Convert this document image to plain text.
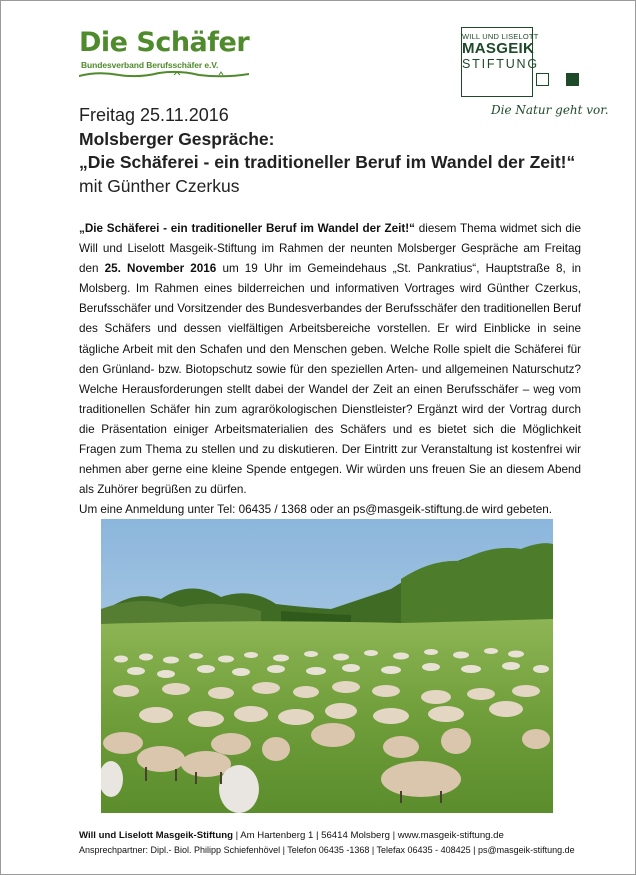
Die Schäfer
Bundesverband Berufsschäfer e.V.
WILL UND LISELOTT
MASGEIK
STIFTUNG
Die Natur geht vor.
Freitag 25.11.2016
Molsberger Gespräche:
„Die Schäferei - ein traditioneller Beruf im Wandel der Zeit!“
mit Günther Czerkus

„Die Schäferei - ein traditioneller Beruf im Wandel der Zeit!“ diesem Thema widmet sich die Will und Liselott Masgeik-Stiftung im Rahmen der neunten Molsberger Gespräche am Freitag den 25. November 2016 um 19 Uhr im Gemeindehaus „St. Pankratius“, Hauptstraße 8, in Molsberg. Im Rahmen eines bilderreichen und informativen Vortrages wird Günther Czerkus, Berufsschäfer und Vorsitzender des Bundesverbandes der Berufsschäfer den traditionellen Beruf des Schäfers und dessen vielfältigen Arbeitsbereiche vorstellen. Er wird Einblicke in seine tägliche Arbeit mit den Schafen und den Menschen geben. Welche Rolle spielt die Schäferei für den Grünland- bzw. Biotopschutz sowie für den speziellen Arten- und allgemeinen Naturschutz? Welche Herausforderungen stellt dabei der Wandel der Zeit an einen Berufsschäfer – weg vom traditionellen Schäfer hin zum agrarökologischen Dienstleister? Ergänzt wird der Vortrag durch die Präsentation einiger Arbeitsmaterialien des Schäfers und es bietet sich die Möglichkeit Fragen zum Thema zu stellen und zu diskutieren. Der Eintritt zur Veranstaltung ist kostenfrei wir nehmen aber gerne eine kleine Spende entgegen. Wir würden uns freuen Sie an diesem Abend als Zuhörer begrüßen zu dürfen.

Um eine Anmeldung unter Tel: 06435 / 1368 oder an ps@masgeik-stiftung.de wird gebeten.

Will und Liselott Masgeik-Stiftung | Am Hartenberg 1 | 56414 Molsberg | www.masgeik-stiftung.de
Ansprechpartner: Dipl.- Biol. Philipp Schiefenhövel | Telefon 06435 -1368 | Telefax 06435 - 408425 | ps@masgeik-stiftung.de
